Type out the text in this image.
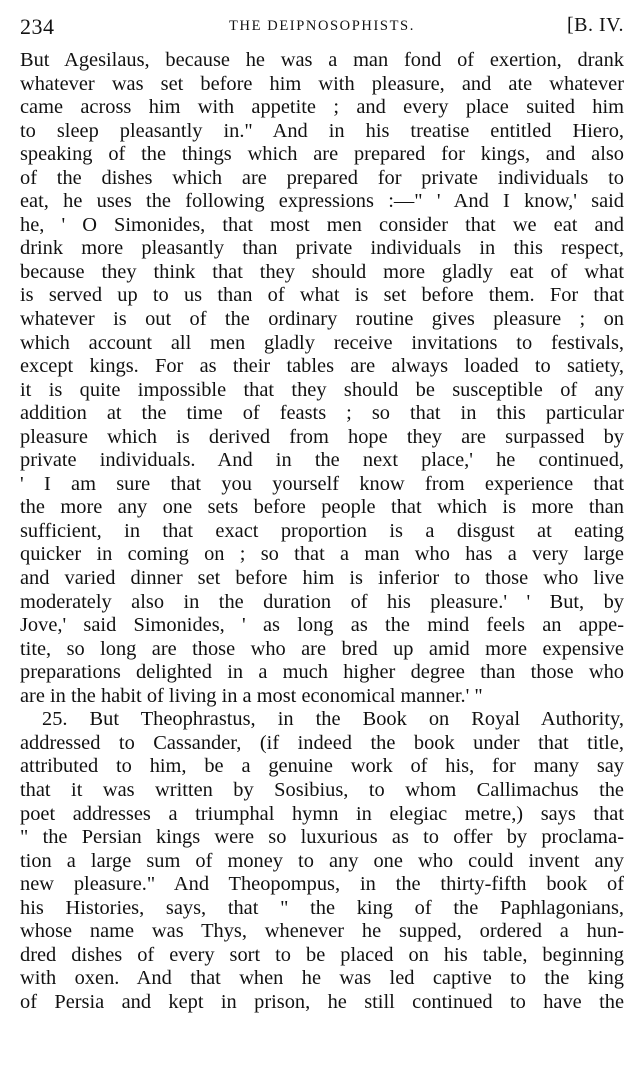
234	THE DEIPNOSOPHISTS.	[B. IV.
But Agesilaus, because he was a man fond of exertion, drank
whatever was set before him with pleasure, and ate whatever
came across him with appetite ; and every place suited him
to sleep pleasantly in." And in his treatise entitled Hiero,
speaking of the things which are prepared for kings, and also
of the dishes which are prepared for private individuals to
eat, he uses the following expressions :—" ' And I know,' said
he, ' O Simonides, that most men consider that we eat and
drink more pleasantly than private individuals in this respect,
because they think that they should more gladly eat of what
is served up to us than of what is set before them. For that
whatever is out of the ordinary routine gives pleasure ; on
which account all men gladly receive invitations to festivals,
except kings. For as their tables are always loaded to satiety,
it is quite impossible that they should be susceptible of any
addition at the time of feasts ; so that in this particular
pleasure which is derived from hope they are surpassed by
private individuals. And in the next place,' he continued,
' I am sure that you yourself know from experience that
the more any one sets before people that which is more than
sufficient, in that exact proportion is a disgust at eating
quicker in coming on ; so that a man who has a very large
and varied dinner set before him is inferior to those who live
moderately also in the duration of his pleasure.' ' But, by
Jove,' said Simonides, ' as long as the mind feels an appe-
tite, so long are those who are bred up amid more expensive
preparations delighted in a much higher degree than those who
are in the habit of living in a most economical manner.' "
25. But Theophrastus, in the Book on Royal Authority,
addressed to Cassander, (if indeed the book under that title,
attributed to him, be a genuine work of his, for many say
that it was written by Sosibius, to whom Callimachus the
poet addresses a triumphal hymn in elegiac metre,) says that
" the Persian kings were so luxurious as to offer by proclama-
tion a large sum of money to any one who could invent any
new pleasure." And Theopompus, in the thirty-fifth book of
his Histories, says, that " the king of the Paphlagonians,
whose name was Thys, whenever he supped, ordered a hun-
dred dishes of every sort to be placed on his table, beginning
with oxen. And that when he was led captive to the king
of Persia and kept in prison, he still continued to have the
